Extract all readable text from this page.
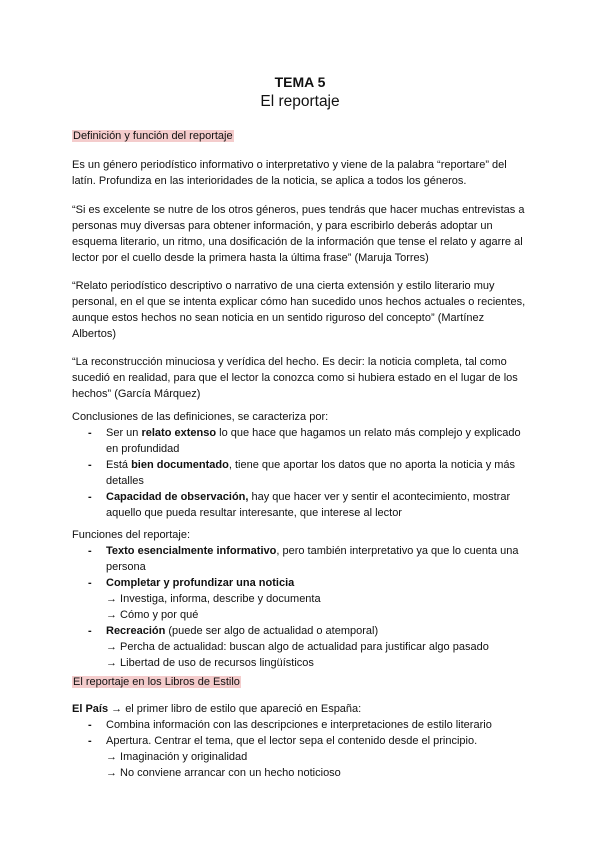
TEMA 5

El reportaje

Definición y función del reportaje

Es un género periodístico informativo o interpretativo y viene de la palabra “reportare” del latín. Profundiza en las interioridades de la noticia, se aplica a todos los géneros.

“Si es excelente se nutre de los otros géneros, pues tendrás que hacer muchas entrevistas a personas muy diversas para obtener información, y para escribirlo deberás adoptar un esquema literario, un ritmo, una dosificación de la información que tense el relato y agarre al lector por el cuello desde la primera hasta la última frase” (Maruja Torres)

“Relato periodístico descriptivo o narrativo de una cierta extensión y estilo literario muy personal, en el que se intenta explicar cómo han sucedido unos hechos actuales o recientes, aunque estos hechos no sean noticia en un sentido riguroso del concepto” (Martínez Albertos)

“La reconstrucción minuciosa y verídica del hecho. Es decir: la noticia completa, tal como sucedió en realidad, para que el lector la conozca como si hubiera estado en el lugar de los hechos” (García Márquez)

Conclusiones de las definiciones, se caracteriza por:

- Ser un relato extenso lo que hace que hagamos un relato más complejo y explicado en profundidad
- Está bien documentado, tiene que aportar los datos que no aporta la noticia y más detalles
- Capacidad de observación, hay que hacer ver y sentir el acontecimiento, mostrar aquello que pueda resultar interesante, que interese al lector

Funciones del reportaje:

- Texto esencialmente informativo, pero también interpretativo ya que lo cuenta una persona
- Completar y profundizar una noticia
→ Investiga, informa, describe y documenta
→ Cómo y por qué
- Recreación (puede ser algo de actualidad o atemporal)
→ Percha de actualidad: buscan algo de actualidad para justificar algo pasado
→ Libertad de uso de recursos lingüísticos

El reportaje en los Libros de Estilo

El País → el primer libro de estilo que apareció en España:

- Combina información con las descripciones e interpretaciones de estilo literario
- Apertura. Centrar el tema, que el lector sepa el contenido desde el principio.
→ Imaginación y originalidad
→ No conviene arrancar con un hecho noticioso
